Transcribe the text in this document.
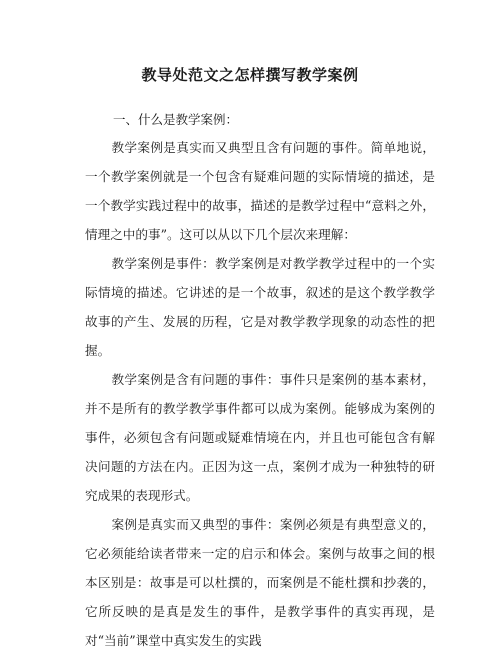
教导处范文之怎样撰写教学案例
一、什么是教学案例：

教学案例是真实而又典型且含有问题的事件。简单地说，一个教学案例就是一个包含有疑难问题的实际情境的描述，是一个教学实践过程中的故事，描述的是教学过程中“意料之外，情理之中的事”。这可以从以下几个层次来理解：

教学案例是事件：教学案例是对教学教学过程中的一个实际情境的描述。它讲述的是一个故事，叙述的是这个教学教学故事的产生、发展的历程，它是对教学教学现象的动态性的把握。

教学案例是含有问题的事件：事件只是案例的基本素材，并不是所有的教学教学事件都可以成为案例。能够成为案例的事件，必须包含有问题或疑难情境在内，并且也可能包含有解决问题的方法在内。正因为这一点，案例才成为一种独特的研究成果的表现形式。

案例是真实而又典型的事件：案例必须是有典型意义的，它必须能给读者带来一定的启示和体会。案例与故事之间的根本区别是：故事是可以杜撰的，而案例是不能杜撰和抄袭的，它所反映的是真是发生的事件，是教学事件的真实再现，是对“当前”课堂中真实发生的实践
